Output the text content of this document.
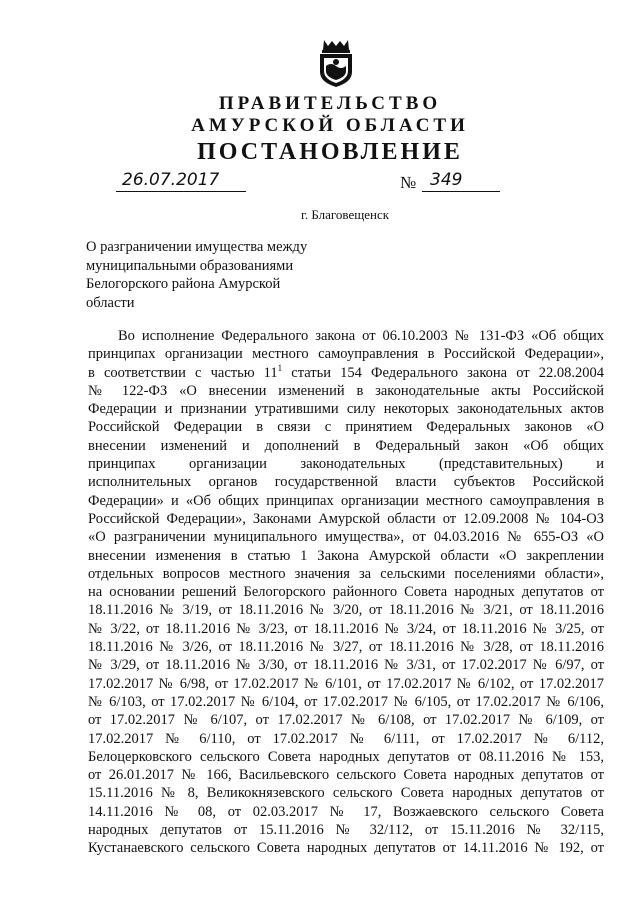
ПРАВИТЕЛЬСТВО
АМУРСКОЙ ОБЛАСТИ
ПОСТАНОВЛЕНИЕ
26.07.2017	№ 349
г. Благовещенск
О разграничении имущества между
муниципальными образованиями
Белогорского района Амурской
области
Во исполнение Федерального закона от 06.10.2003 № 131-ФЗ «Об общих
принципах организации местного самоуправления в Российской Федерации»,
в соответствии с частью $11^1$ статьи 154 Федерального закона от 22.08.2004
№ 122-ФЗ «О внесении изменений в законодательные акты Российской
Федерации и признании утратившими силу некоторых законодательных актов
Российской Федерации в связи с принятием Федеральных законов «О
внесении изменений и дополнений в Федеральный закон «Об общих
принципах организации законодательных (представительных) и
исполнительных органов государственной власти субъектов Российской
Федерации» и «Об общих принципах организации местного самоуправления в
Российской Федерации», Законами Амурской области от 12.09.2008 № 104-ОЗ
«О разграничении муниципального имущества», от 04.03.2016 № 655-ОЗ «О
внесении изменения в статью 1 Закона Амурской области «О закреплении
отдельных вопросов местного значения за сельскими поселениями области»,
на основании решений Белогорского районного Совета народных депутатов от
18.11.2016 № 3/19, от 18.11.2016 № 3/20, от 18.11.2016 № 3/21, от 18.11.2016
№ 3/22, от 18.11.2016 № 3/23, от 18.11.2016 № 3/24, от 18.11.2016 № 3/25, от
18.11.2016 № 3/26, от 18.11.2016 № 3/27, от 18.11.2016 № 3/28, от 18.11.2016
№ 3/29, от 18.11.2016 № 3/30, от 18.11.2016 № 3/31, от 17.02.2017 № 6/97, от
17.02.2017 № 6/98, от 17.02.2017 № 6/101, от 17.02.2017 № 6/102, от 17.02.2017
№ 6/103, от 17.02.2017 № 6/104, от 17.02.2017 № 6/105, от 17.02.2017 № 6/106,
от 17.02.2017 № 6/107, от 17.02.2017 № 6/108, от 17.02.2017 № 6/109, от
17.02.2017 № 6/110, от 17.02.2017 № 6/111, от 17.02.2017 № 6/112,
Белоцерковского сельского Совета народных депутатов от 08.11.2016 № 153,
от 26.01.2017 № 166, Васильевского сельского Совета народных депутатов от
15.11.2016 № 8, Великокнязевского сельского Совета народных депутатов от
14.11.2016 № 08, от 02.03.2017 № 17, Возжаевского сельского Совета
народных депутатов от 15.11.2016 № 32/112, от 15.11.2016 № 32/115,
Кустанаевского сельского Совета народных депутатов от 14.11.2016 № 192, от
